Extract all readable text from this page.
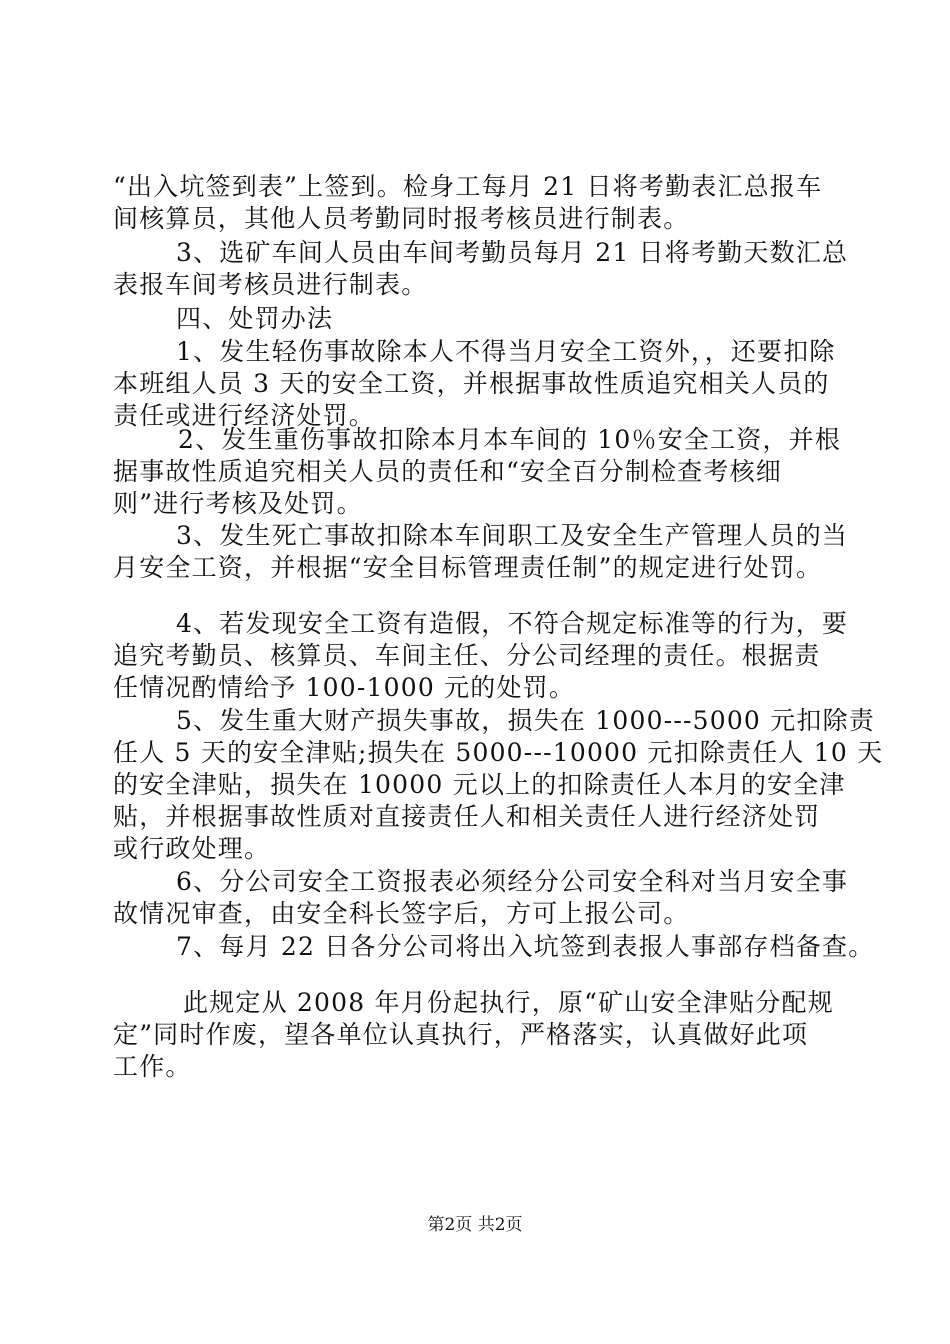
“出入坑签到表”上签到。检身工每月 21 日将考勤表汇总报车
间核算员，其他人员考勤同时报考核员进行制表。
3、选矿车间人员由车间考勤员每月 21 日将考勤天数汇总
表报车间考核员进行制表。
四、处罚办法
1、发生轻伤事故除本人不得当月安全工资外，，还要扣除
本班组人员 3 天的安全工资，并根据事故性质追究相关人员的
责任或进行经济处罚。
2、发生重伤事故扣除本月本车间的 10％安全工资，并根
据事故性质追究相关人员的责任和“安全百分制检查考核细
则”进行考核及处罚。
3、发生死亡事故扣除本车间职工及安全生产管理人员的当
月安全工资，并根据“安全目标管理责任制”的规定进行处罚。
4、若发现安全工资有造假，不符合规定标准等的行为，要
追究考勤员、核算员、车间主任、分公司经理的责任。根据责
任情况酌情给予 100-1000 元的处罚。
5、发生重大财产损失事故，损失在 1000---5000 元扣除责
任人 5 天的安全津贴;损失在 5000---10000 元扣除责任人 10 天
的安全津贴，损失在 10000 元以上的扣除责任人本月的安全津
贴，并根据事故性质对直接责任人和相关责任人进行经济处罚
或行政处理。
6、分公司安全工资报表必须经分公司安全科对当月安全事
故情况审查，由安全科长签字后，方可上报公司。
7、每月 22 日各分公司将出入坑签到表报人事部存档备查。
此规定从 2008 年月份起执行，原“矿山安全津贴分配规
定”同时作废，望各单位认真执行，严格落实，认真做好此项
工作。
第2页 共2页
